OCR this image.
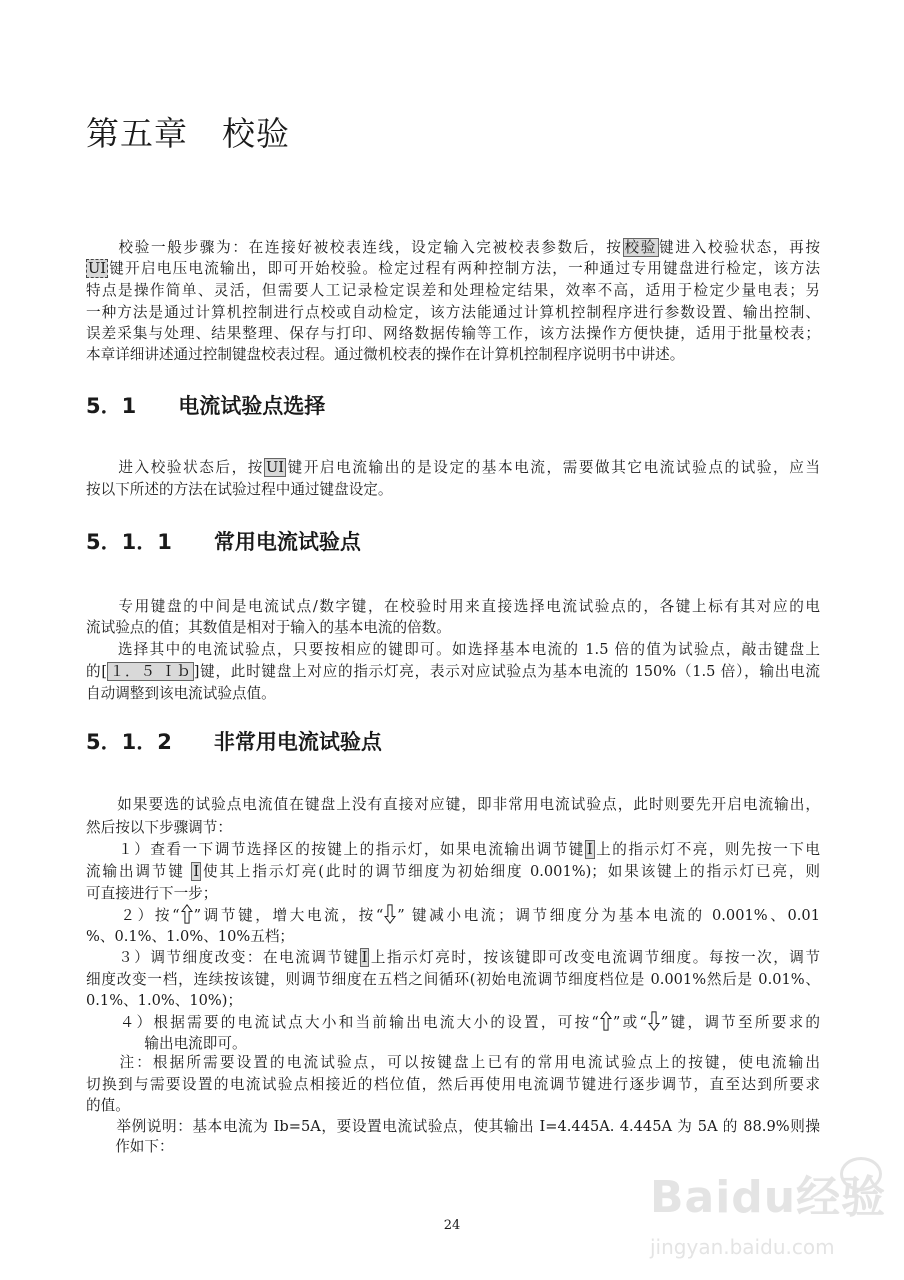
第五章　校验
5．1　　电流试验点选择
5．1．1　　常用电流试验点
5．1．2　　非常用电流试验点
　　校验一般步骤为：在连接好被校表连线，设定输入完被校表参数后，按 校验 键进入校验状态，再按
UI 键开启电压电流输出，即可开始校验。检定过程有两种控制方法，一种通过专用键盘进行检定，该方法
特点是操作简单、灵活，但需要人工记录检定误差和处理检定结果，效率不高，适用于检定少量电表；另
一种方法是通过计算机控制进行点校或自动检定，该方法能通过计算机控制程序进行参数设置、输出控制、
误差采集与处理、结果整理、保存与打印、网络数据传输等工作，该方法操作方便快捷，适用于批量校表；
本章详细讲述通过控制键盘校表过程。通过微机校表的操作在计算机控制程序说明书中讲述。
　　进入校验状态后，按 UI 键开启电流输出的是设定的基本电流，需要做其它电流试验点的试验，应当
按以下所述的方法在试验过程中通过键盘设定。
　　专用键盘的中间是电流试点/数字键，在校验时用来直接选择电流试验点的，各键上标有其对应的电
流试验点的值；其数值是相对于输入的基本电流的倍数。
　　选择其中的电流试验点，只要按相应的键即可。如选择基本电流的 1.5 倍的值为试验点，敲击键盘上
的[ １．５ Ｉｂ ]键，此时键盘上对应的指示灯亮，表示对应试验点为基本电流的 150%（1.5 倍），输出电流
自动调整到该电流试验点值。
　　如果要选的试验点电流值在键盘上没有直接对应键，即非常用电流试验点，此时则要先开启电流输出，
然后按以下步骤调节：
　　１）查看一下调节选择区的按键上的指示灯，如果电流输出调节键 I 上的指示灯不亮，则先按一下电
流输出调节键 I 使其上指示灯亮(此时的调节细度为初始细度 0.001%)；如果该键上的指示灯已亮，则
可直接进行下一步；
　　２）按“ ”调节键，增大电流，按“ ” 键减小电流；调节细度分为基本电流的 0.001%、0.01
%、0.1%、1.0%、10%五档；
　　３）调节细度改变：在电流调节键 I 上指示灯亮时，按该键即可改变电流调节细度。每按一次，调节
细度改变一档，连续按该键，则调节细度在五档之间循环(初始电流调节细度档位是 0.001%然后是 0.01%、
0.1%、1.0%、10%)；
　　４）根据需要的电流试点大小和当前输出电流大小的设置，可按“ ”或“ ”键，调节至所要求的
　　　　输出电流即可。
　　注：根据所需要设置的电流试验点，可以按键盘上已有的常用电流试验点上的按键，使电流输出
切换到与需要设置的电流试验点相接近的档位值，然后再使用电流调节键进行逐步调节，直至达到所要求
的值。
　　举例说明：基本电流为 Ib=5A，要设置电流试验点，使其输出 I=4.445A. 4.445A 为 5A 的 88.9%则操
　　作如下：
24
Baidu经验
jingyan.baidu.com
